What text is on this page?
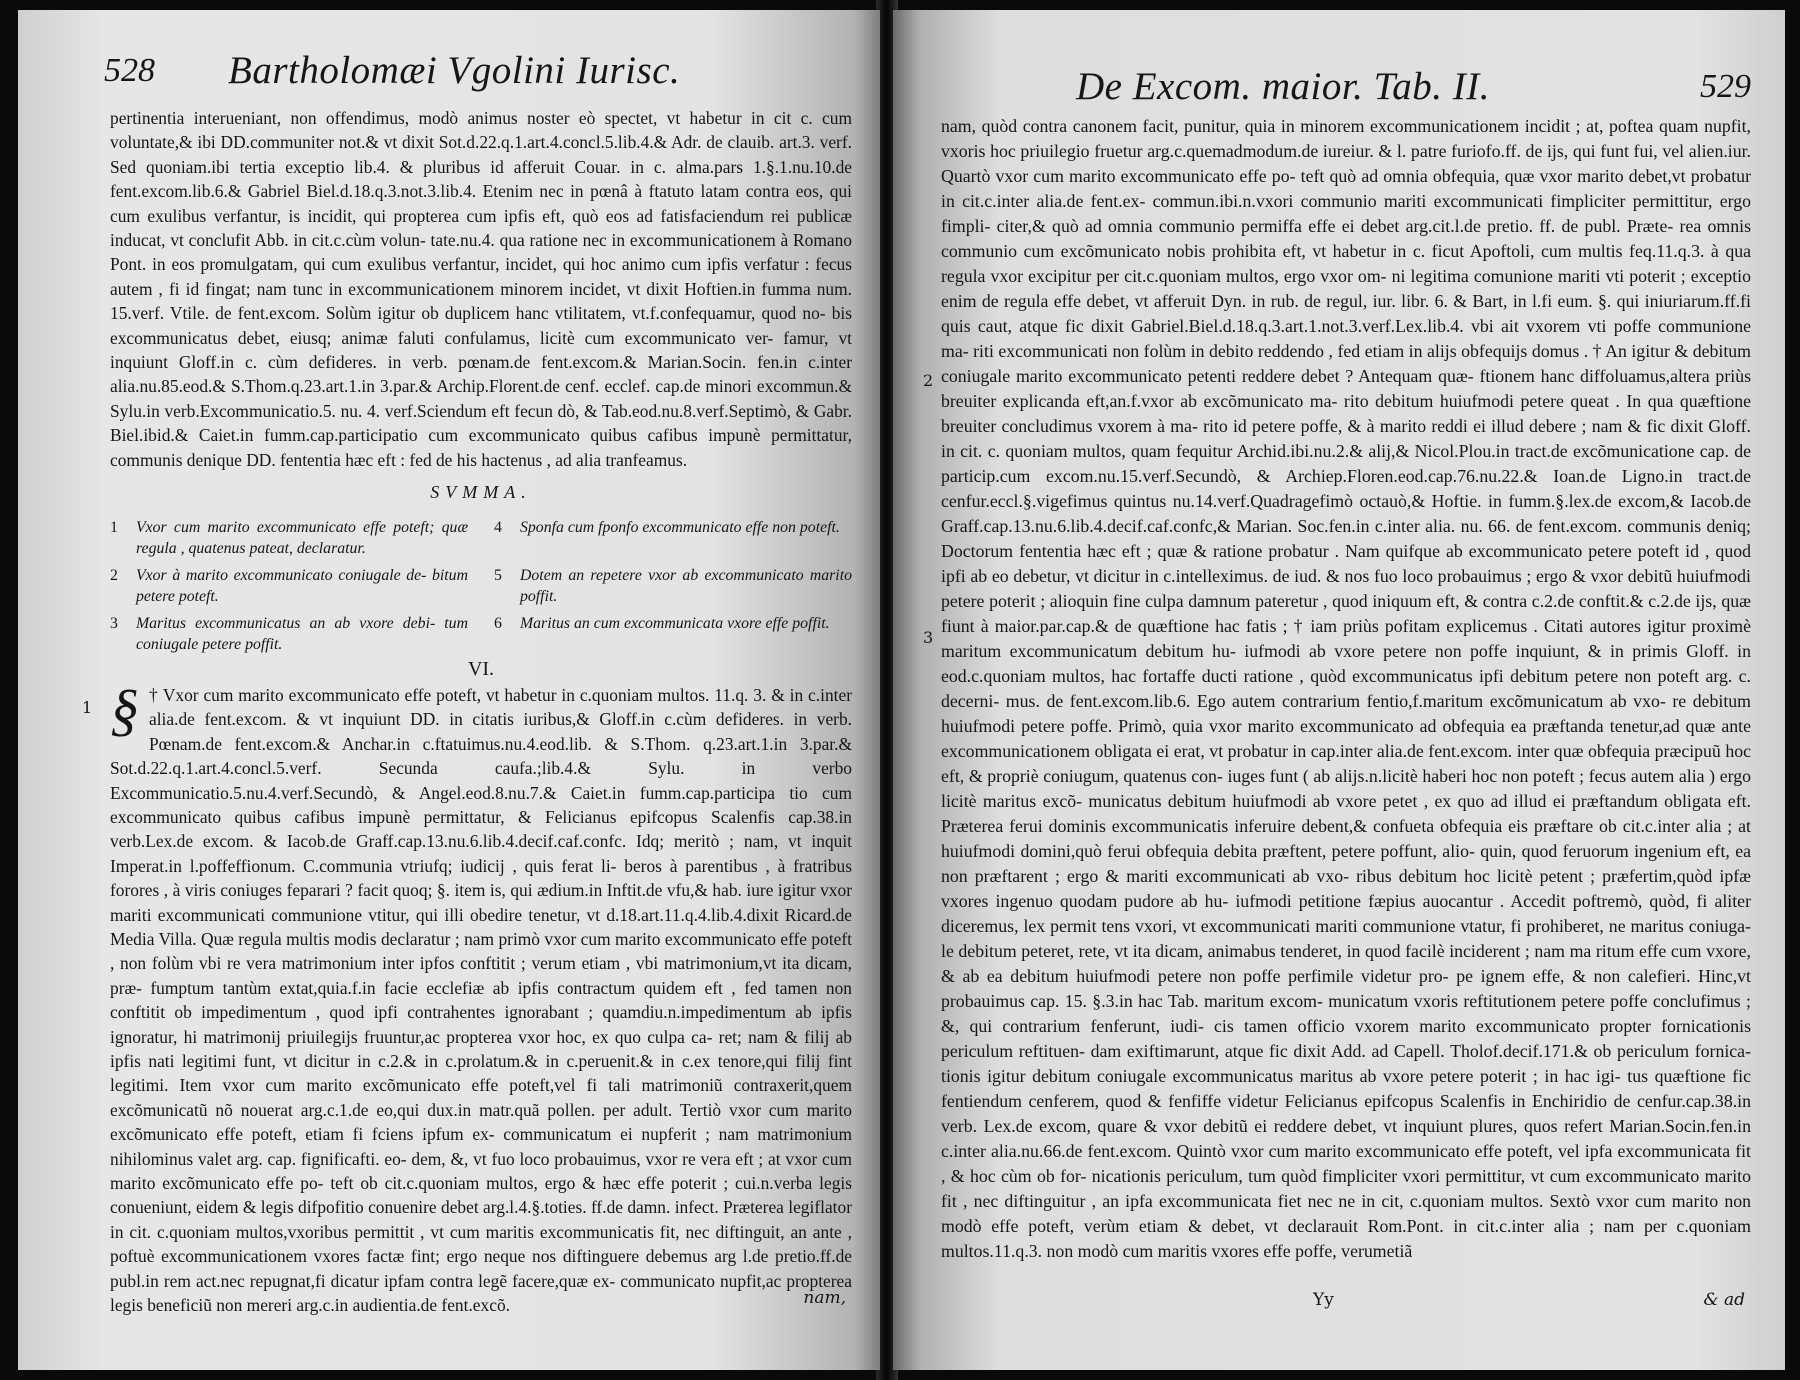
528 Bartholomæi Vgolini Iurisc.

pertinentia interueniant, non offendimus, modò animus noster eò spectet, vt habetur in cit c. cum voluntate,& ibi DD.communiter not.& vt dixit Sot.d.22.q.1.art.4.concl.5.lib.4.& Adr. de clauib. art.3. verf. Sed quoniam.ibi tertia exceptio lib.4. & pluribus id afferuit Couar. in c. alma.pars 1.§.1.nu.10.de fent.excom.lib.6.& Gabriel Biel.d.18.q.3.not.3.lib.4. Etenim nec in pœnâ à ftatuto latam contra eos, qui cum exulibus verfantur, is incidit, qui propterea cum ipfis eft, quò eos ad fatisfaciendum rei publicæ inducat, vt conclufit Abb. in cit.c.cùm volun- tate.nu.4. qua ratione nec in excommunicationem à Romano Pont. in eos promulgatam, qui cum exulibus verfantur, incidet, qui hoc animo cum ipfis verfatur : fecus autem , fi id fingat; nam tunc in excommunicationem minorem incidet, vt dixit Hoftien.in fumma num. 15.verf. Vtile. de fent.excom. Solùm igitur ob duplicem hanc vtilitatem, vt.f.confequamur, quod no- bis excommunicatus debet, eiusq; animæ faluti confulamus, licitè cum excommunicato ver- famur, vt inquiunt Gloff.in c. cùm defideres. in verb. pœnam.de fent.excom.& Marian.Socin. fen.in c.inter alia.nu.85.eod.& S.Thom.q.23.art.1.in 3.par.& Archip.Florent.de cenf. ecclef. cap.de minori excommun.& Sylu.in verb.Excommunicatio.5. nu. 4. verf.Sciendum eft fecun dò, & Tab.eod.nu.8.verf.Septimò, & Gabr. Biel.ibid.& Caiet.in fumm.cap.participatio cum excommunicato quibus cafibus impunè permittatur, communis denique DD. fententia hæc eft : fed de his hactenus , ad alia tranfeamus.

SVMMA.
1 Vxor cum marito excommunicato effe poteft; quæ regula , quatenus pateat, declaratur.
4 Sponfa cum fponfo excommunicato effe non poteft.
2 Vxor à marito excommunicato coniugale de- bitum petere poteft.
5 Dotem an repetere vxor ab excommunicato marito poffit.
3 Maritus excommunicatus an ab vxore debi- tum coniugale petere poffit.
6 Maritus an cum excommunicata vxore effe poffit.
VI.

§ † Vxor cum marito excommunicato effe poteft, vt habetur in c.quoniam multos. 11.q. 3. & in c.inter alia.de fent.excom. & vt inquiunt DD. in citatis iuribus,& Gloff.in c.cùm defideres. in verb. Pœnam.de fent.excom.& Anchar.in c.ftatuimus.nu.4.eod.lib. & S.Thom. q.23.art.1.in 3.par.& Sot.d.22.q.1.art.4.concl.5.verf. Secunda caufa.;lib.4.& Sylu. in verbo Excommunicatio.5.nu.4.verf.Secundò, & Angel.eod.8.nu.7.& Caiet.in fumm.cap.participa tio cum excommunicato quibus cafibus impunè permittatur, & Felicianus epifcopus Scalenfis cap.38.in verb.Lex.de excom. & Iacob.de Graff.cap.13.nu.6.lib.4.decif.caf.confc. Idq; meritò ; nam, vt inquit Imperat.in l.poffeffionum. C.communia vtriufq; iudicij , quis ferat li- beros à parentibus , à fratribus forores , à viris coniuges feparari ? facit quoq; §. item is, qui ædium.in Inftit.de vfu,& hab. iure igitur vxor mariti excommunicati communione vtitur, qui illi obedire tenetur, vt d.18.art.11.q.4.lib.4.dixit Ricard.de Media Villa. Quæ regula multis modis declaratur ; nam primò vxor cum marito excommunicato effe poteft , non folùm vbi re vera matrimonium inter ipfos conftitit ; verum etiam , vbi matrimonium,vt ita dicam, præ- fumptum tantùm extat,quia.f.in facie ecclefiæ ab ipfis contractum quidem eft , fed tamen non conftitit ob impedimentum , quod ipfi contrahentes ignorabant ; quamdiu.n.impedimentum ab ipfis ignoratur, hi matrimonij priuilegijs fruuntur,ac propterea vxor hoc, ex quo culpa ca- ret; nam & filij ab ipfis nati legitimi funt, vt dicitur in c.2.& in c.prolatum.& in c.peruenit.& in c.ex tenore,qui filij fint legitimi. Item vxor cum marito excõmunicato effe poteft,vel fi tali matrimoniũ contraxerit,quem excõmunicatũ nõ nouerat arg.c.1.de eo,qui dux.in matr.quã pollen. per adult. Tertiò vxor cum marito excõmunicato effe poteft, etiam fi fciens ipfum ex- communicatum ei nupferit ; nam matrimonium nihilominus valet arg. cap. fignificafti. eo- dem, &, vt fuo loco probauimus, vxor re vera eft ; at vxor cum marito excõmunicato effe po- teft ob cit.c.quoniam multos, ergo & hæc effe poterit ; cui.n.verba legis conueniunt, eidem & legis difpofitio conuenire debet arg.l.4.§.toties. ff.de damn. infect. Præterea legiflator in cit. c.quoniam multos,vxoribus permittit , vt cum maritis excommunicatis fit, nec diftinguit, an ante , poftuè excommunicationem vxores factæ fint; ergo neque nos diftinguere debemus arg l.de pretio.ff.de publ.in rem act.nec repugnat,fi dicatur ipfam contra legẽ facere,quæ ex- communicato nupfit,ac propterea legis beneficiũ non mereri arg.c.in audientia.de fent.excõ.

1
nam,
De Excom. maior. Tab. II.	529

nam, quòd contra canonem facit, punitur, quia in minorem excommunicationem incidit ; at, poftea quam nupfit, vxoris hoc priuilegio fruetur arg.c.quemadmodum.de iureiur. & l. patre furiofo.ff. de ijs, qui funt fui, vel alien.iur. Quartò vxor cum marito excommunicato effe po- teft quò ad omnia obfequia, quæ vxor marito debet,vt probatur in cit.c.inter alia.de fent.ex- commun.ibi.n.vxori communio mariti excommunicati fimpliciter permittitur, ergo fimpli- citer,& quò ad omnia communio permiffa effe ei debet arg.cit.l.de pretio. ff. de publ. Præte- rea omnis communio cum excõmunicato nobis prohibita eft, vt habetur in c. ficut Apoftoli, cum multis feq.11.q.3. à qua regula vxor excipitur per cit.c.quoniam multos, ergo vxor om- ni legitima comunione mariti vti poterit ; exceptio enim de regula effe debet, vt afferuit Dyn. in rub. de regul, iur. libr. 6. & Bart, in l.fi eum. §. qui iniuriarum.ff.fi quis caut, atque fic dixit Gabriel.Biel.d.18.q.3.art.1.not.3.verf.Lex.lib.4. vbi ait vxorem vti poffe communione ma- riti excommunicati non folùm in debito reddendo , fed etiam in alijs obfequijs domus . † An igitur & debitum coniugale marito excommunicato petenti reddere debet ? Antequam quæ- ftionem hanc diffoluamus,altera priùs breuiter explicanda eft,an.f.vxor ab excõmunicato ma- rito debitum huiufmodi petere queat . In qua quæftione breuiter concludimus vxorem à ma- rito id petere poffe, & à marito reddi ei illud debere ; nam & fic dixit Gloff. in cit. c. quoniam multos, quam fequitur Archid.ibi.nu.2.& alij,& Nicol.Plou.in tract.de excõmunicatione cap. de particip.cum excom.nu.15.verf.Secundò, & Archiep.Floren.eod.cap.76.nu.22.& Ioan.de Ligno.in tract.de cenfur.eccl.§.vigefimus quintus nu.14.verf.Quadragefimò octauò,& Hoftie. in fumm.§.lex.de excom,& Iacob.de Graff.cap.13.nu.6.lib.4.decif.caf.confc,& Marian. Soc.fen.in c.inter alia. nu. 66. de fent.excom. communis deniq; Doctorum fententia hæc eft ; quæ & ratione probatur . Nam quifque ab excommunicato petere poteft id , quod ipfi ab eo debetur, vt dicitur in c.intelleximus. de iud. & nos fuo loco probauimus ; ergo & vxor debitũ huiufmodi petere poterit ; alioquin fine culpa damnum pateretur , quod iniquum eft, & contra c.2.de conftit.& c.2.de ijs, quæ fiunt à maior.par.cap.& de quæftione hac fatis ; † iam priùs pofitam explicemus . Citati autores igitur proximè maritum excommunicatum debitum hu- iufmodi ab vxore petere non poffe inquiunt, & in primis Gloff. in eod.c.quoniam multos, hac fortaffe ducti ratione , quòd excommunicatus ipfi debitum petere non poteft arg. c. decerni- mus. de fent.excom.lib.6. Ego autem contrarium fentio,f.maritum excõmunicatum ab vxo- re debitum huiufmodi petere poffe. Primò, quia vxor marito excommunicato ad obfequia ea præftanda tenetur,ad quæ ante excommunicationem obligata ei erat, vt probatur in cap.inter alia.de fent.excom. inter quæ obfequia præcipuũ hoc eft, & propriè coniugum, quatenus con- iuges funt ( ab alijs.n.licitè haberi hoc non poteft ; fecus autem alia ) ergo licitè maritus excõ- municatus debitum huiufmodi ab vxore petet , ex quo ad illud ei præftandum obligata eft. Præterea ferui dominis excommunicatis inferuire debent,& confueta obfequia eis præftare ob cit.c.inter alia ; at huiufmodi domini,quò ferui obfequia debita præftent, petere poffunt, alio- quin, quod feruorum ingenium eft, ea non præftarent ; ergo & mariti excommunicati ab vxo- ribus debitum hoc licitè petent ; præfertim,quòd ipfæ vxores ingenuo quodam pudore ab hu- iufmodi petitione fæpius auocantur . Accedit poftremò, quòd, fi aliter diceremus, lex permit tens vxori, vt excommunicati mariti communione vtatur, fi prohiberet, ne maritus coniuga- le debitum peteret, rete, vt ita dicam, animabus tenderet, in quod facilè inciderent ; nam ma ritum effe cum vxore, & ab ea debitum huiufmodi petere non poffe perfimile videtur pro- pe ignem effe, & non calefieri. Hinc,vt probauimus cap. 15. §.3.in hac Tab. maritum excom- municatum vxoris reftitutionem petere poffe conclufimus ; &, qui contrarium fenferunt, iudi- cis tamen officio vxorem marito excommunicato propter fornicationis periculum reftituen- dam exiftimarunt, atque fic dixit Add. ad Capell. Tholof.decif.171.& ob periculum fornica- tionis igitur debitum coniugale excommunicatus maritus ab vxore petere poterit ; in hac igi- tus quæftione fic fentiendum cenferem, quod & fenfiffe videtur Felicianus epifcopus Scalenfis in Enchiridio de cenfur.cap.38.in verb. Lex.de excom, quare & vxor debitũ ei reddere debet, vt inquiunt plures, quos refert Marian.Socin.fen.in c.inter alia.nu.66.de fent.excom. Quintò vxor cum marito excommunicato effe poteft, vel ipfa excommunicata fit , & hoc cùm ob for- nicationis periculum, tum quòd fimpliciter vxori permittitur, vt cum excommunicato marito fit , nec diftinguitur , an ipfa excommunicata fiet nec ne in cit, c.quoniam multos. Sextò vxor cum marito non modò effe poteft, verùm etiam & debet, vt declarauit Rom.Pont. in cit.c.inter alia ; nam per c.quoniam multos.11.q.3. non modò cum maritis vxores effe poffe, verumetiã

2
3
Yy	& ad
